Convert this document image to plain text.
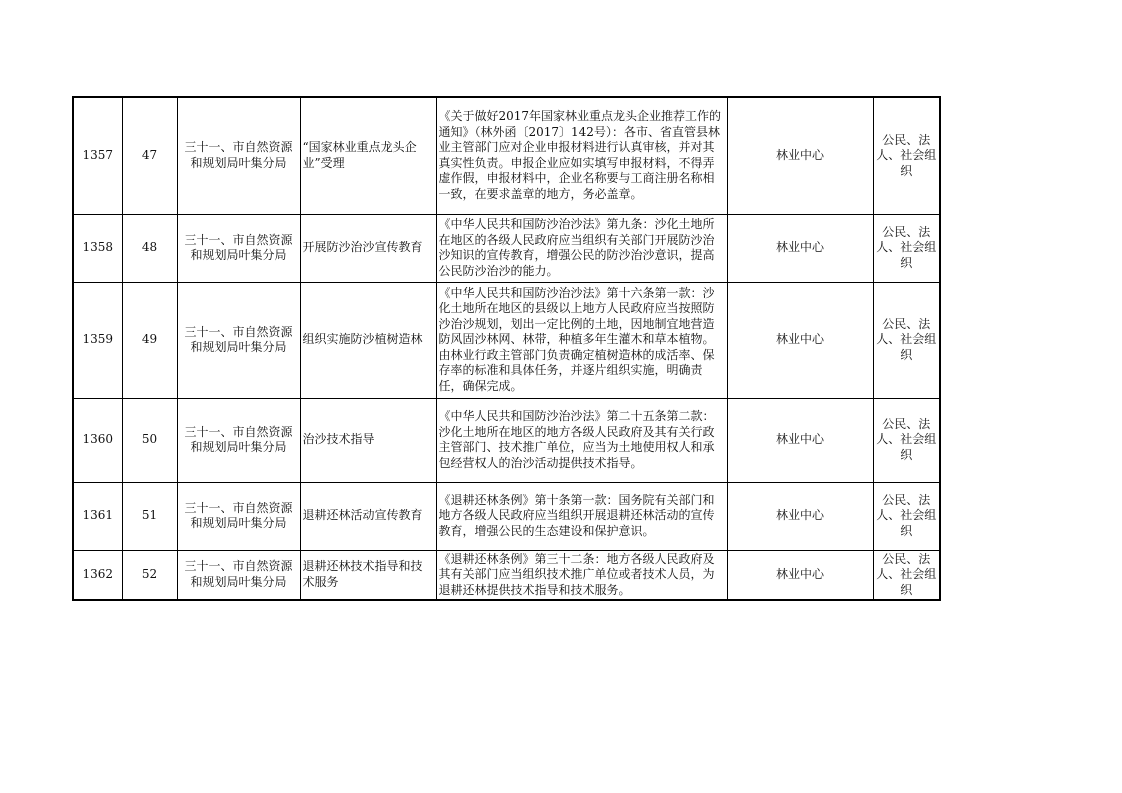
1357	47	三十一、市自然资源和规划局叶集分局	“国家林业重点龙头企业”受理	《关于做好2017年国家林业重点龙头企业推荐工作的通知》（林外函〔2017〕142号）：各市、省直管县林业主管部门应对企业申报材料进行认真审核，并对其真实性负责。申报企业应如实填写申报材料，不得弄虚作假，申报材料中，企业名称要与工商注册名称相一致，在要求盖章的地方，务必盖章。	林业中心	公民、法人、社会组织
1358	48	三十一、市自然资源和规划局叶集分局	开展防沙治沙宣传教育	《中华人民共和国防沙治沙法》第九条：沙化土地所在地区的各级人民政府应当组织有关部门开展防沙治沙知识的宣传教育，增强公民的防沙治沙意识，提高公民防沙治沙的能力。	林业中心	公民、法人、社会组织
1359	49	三十一、市自然资源和规划局叶集分局	组织实施防沙植树造林	《中华人民共和国防沙治沙法》第十六条第一款：沙化土地所在地区的县级以上地方人民政府应当按照防沙治沙规划，划出一定比例的土地，因地制宜地营造防风固沙林网、林带，种植多年生灌木和草本植物。由林业行政主管部门负责确定植树造林的成活率、保存率的标准和具体任务，并逐片组织实施，明确责任，确保完成。	林业中心	公民、法人、社会组织
1360	50	三十一、市自然资源和规划局叶集分局	治沙技术指导	《中华人民共和国防沙治沙法》第二十五条第二款：沙化土地所在地区的地方各级人民政府及其有关行政主管部门、技术推广单位，应当为土地使用权人和承包经营权人的治沙活动提供技术指导。	林业中心	公民、法人、社会组织
1361	51	三十一、市自然资源和规划局叶集分局	退耕还林活动宣传教育	《退耕还林条例》第十条第一款：国务院有关部门和地方各级人民政府应当组织开展退耕还林活动的宣传教育，增强公民的生态建设和保护意识。	林业中心	公民、法人、社会组织
1362	52	三十一、市自然资源和规划局叶集分局	退耕还林技术指导和技术服务	《退耕还林条例》第三十二条：地方各级人民政府及其有关部门应当组织技术推广单位或者技术人员，为退耕还林提供技术指导和技术服务。	林业中心	公民、法人、社会组织
